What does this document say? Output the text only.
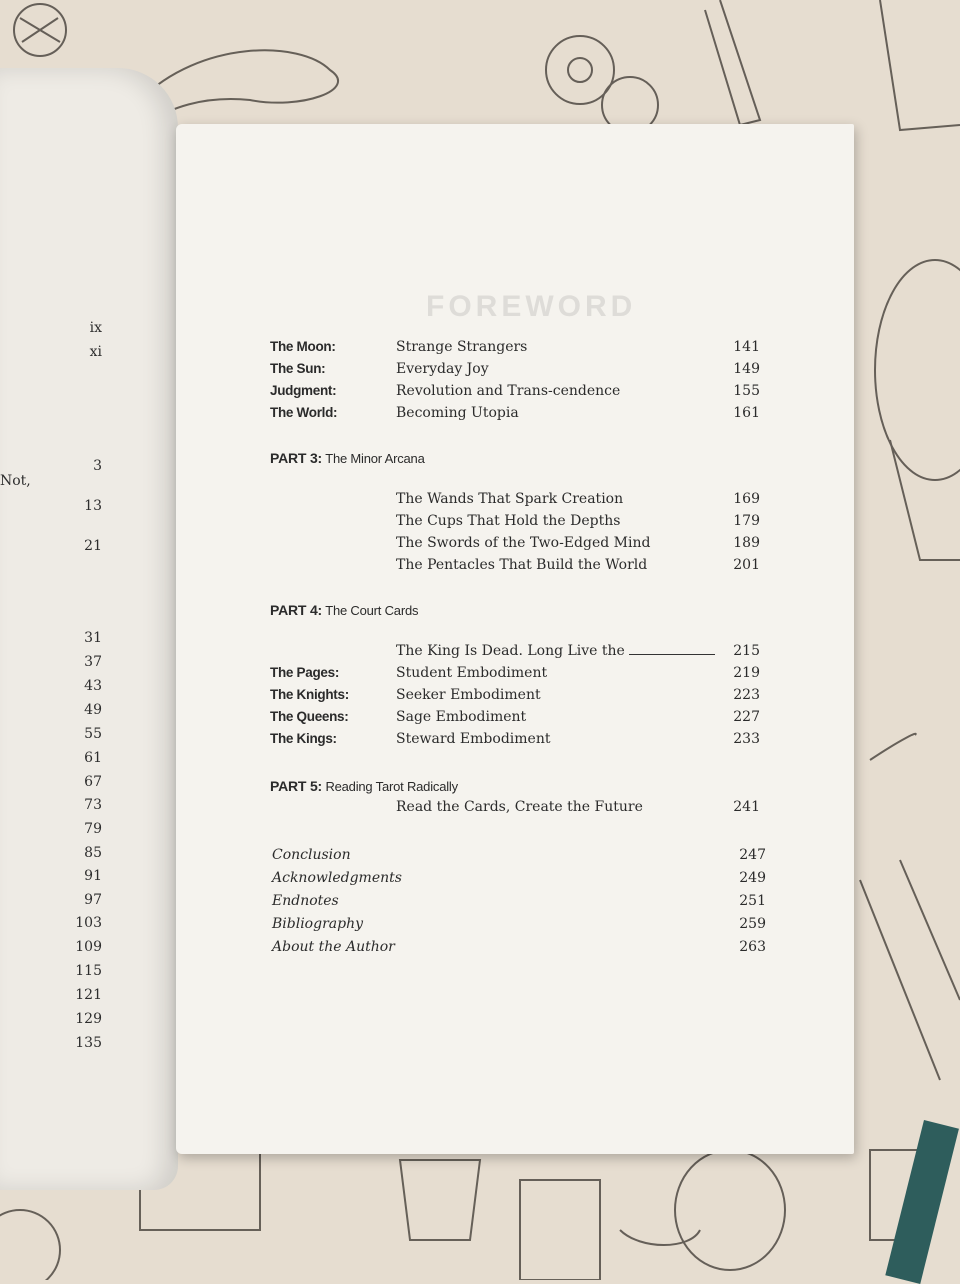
ix
xi
3
Not,
13
21
31
37
43
49
55
61
67
73
79
85
91
97
103
109
115
121
129
135
FOREWORD
The Moon:	Strange Strangers	141
The Sun:	Everyday Joy	149
Judgment:	Revolution and Trans-cendence	155
The World:	Becoming Utopia	161
PART 3: The Minor Arcana
The Wands That Spark Creation	169
The Cups That Hold the Depths	179
The Swords of the Two-Edged Mind	189
The Pentacles That Build the World	201
PART 4: The Court Cards
The King Is Dead. Long Live the	215
The Pages:	Student Embodiment	219
The Knights:	Seeker Embodiment	223
The Queens:	Sage Embodiment	227
The Kings:	Steward Embodiment	233
PART 5: Reading Tarot Radically
Read the Cards, Create the Future	241
Conclusion	247
Acknowledgments	249
Endnotes	251
Bibliography	259
About the Author	263
